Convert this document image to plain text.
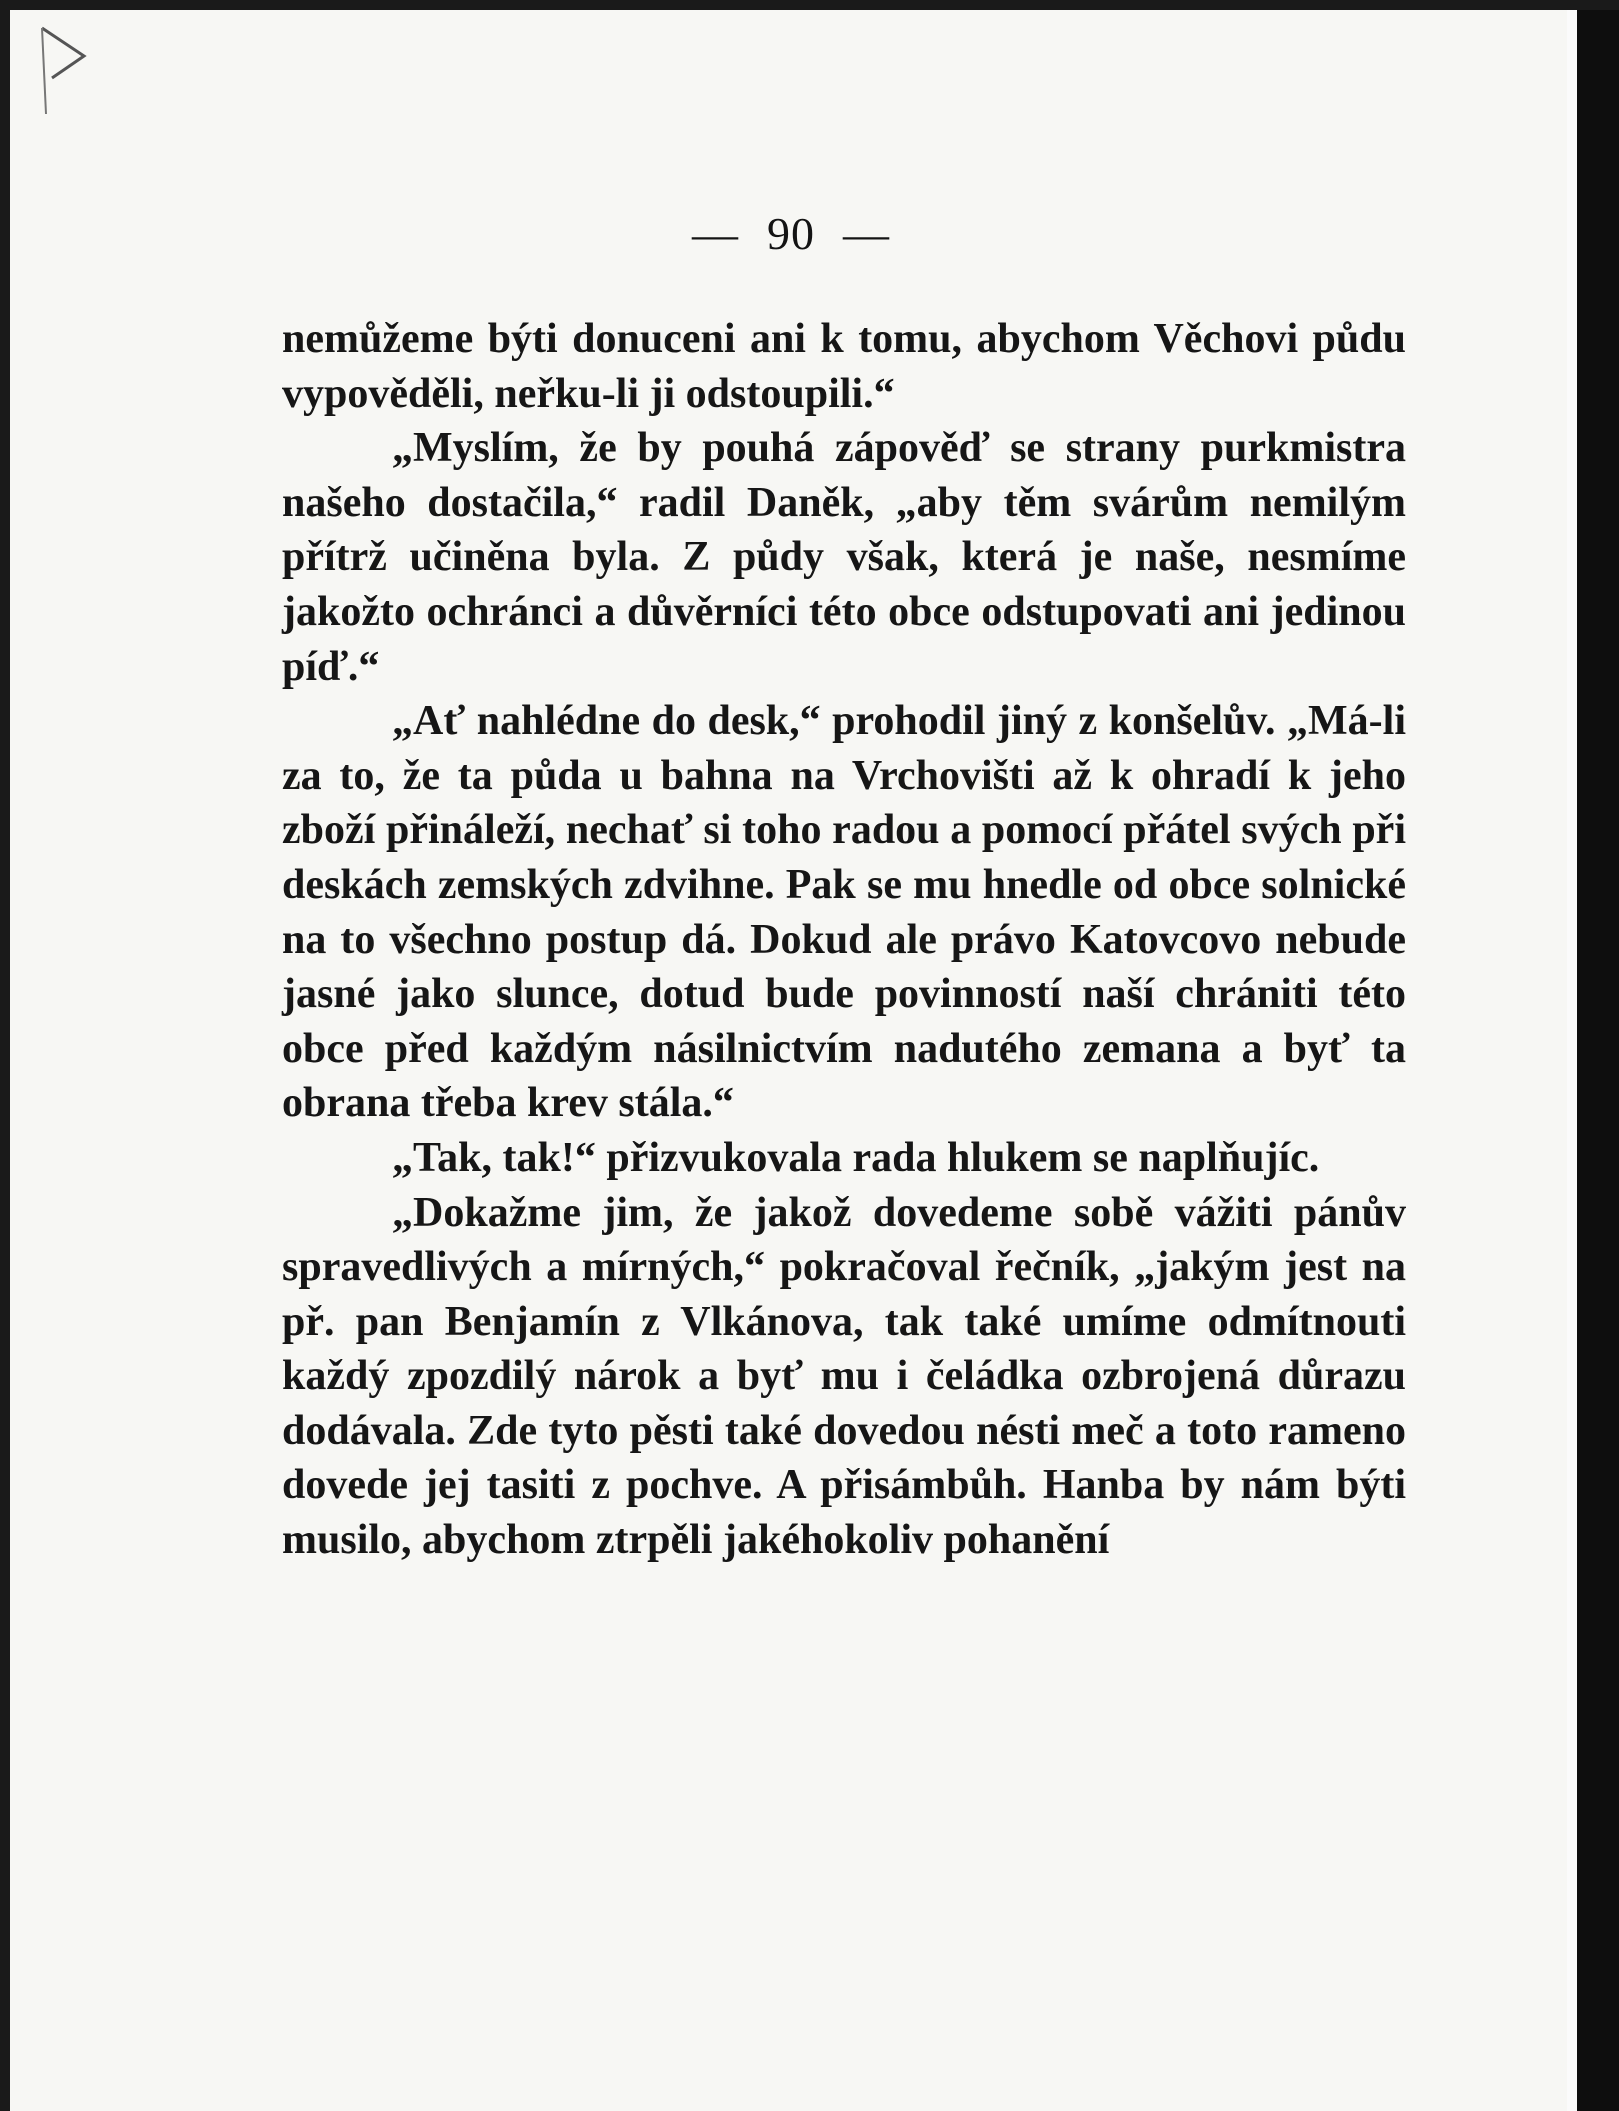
— 90 —

nemůžeme býti donuceni ani k tomu, abychom Věchovi půdu vypověděli, neřku-li ji odstoupili.“

„Myslím, že by pouhá zápověď se strany purkmistra našeho dostačila,“ radil Daněk, „aby těm svárům nemilým přítrž učiněna byla. Z půdy však, která je naše, nesmíme jakožto ochránci a důvěrníci této obce odstupovati ani jedinou píď.“

„Ať nahlédne do desk,“ prohodil jiný z konšelův. „Má-li za to, že ta půda u bahna na Vrchovišti až k ohradí k jeho zboží přináleží, nechať si toho radou a pomocí přátel svých při deskách zemských zdvihne. Pak se mu hnedle od obce solnické na to všechno postup dá. Dokud ale právo Katovcovo nebude jasné jako slunce, dotud bude povinností naší chrániti této obce před každým násilnictvím nadutého zemana a byť ta obrana třeba krev stála.“

„Tak, tak!“ přizvukovala rada hlukem se naplňujíc.

„Dokažme jim, že jakož dovedeme sobě vážiti pánův spravedlivých a mírných,“ pokračoval řečník, „jakým jest na př. pan Benjamín z Vlkánova, tak také umíme odmítnouti každý zpozdilý nárok a byť mu i čeládka ozbrojená důrazu dodávala. Zde tyto pěsti také dovedou nésti meč a toto rameno dovede jej tasiti z pochve. A přisámbůh. Hanba by nám býti musilo, abychom ztrpěli jakéhokoliv pohanění
